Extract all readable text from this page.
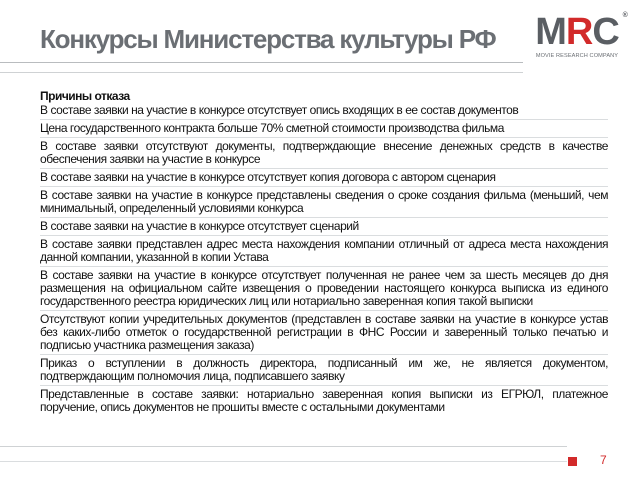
Конкурсы Министерства культуры РФ MRC ®
MOVIE RESEARCH COMPANY
Причины отказа
В составе заявки на участие в конкурсе отсутствует опись входящих в ее состав документов
Цена государственного контракта больше 70% сметной стоимости производства фильма
В составе заявки отсутствуют документы, подтверждающие внесение денежных средств в качестве обеспечения заявки на участие в конкурсе
В составе заявки на участие в конкурсе отсутствует копия договора с автором сценария
В составе заявки на участие в конкурсе представлены сведения о сроке создания фильма (меньший, чем минимальный, определенный условиями конкурса
В составе заявки на участие в конкурсе отсутствует сценарий
В составе заявки представлен адрес места нахождения компании отличный от адреса места нахождения данной компании, указанной в копии Устава
В составе заявки на участие в конкурсе отсутствует полученная не ранее чем за шесть месяцев до дня размещения на официальном сайте извещения о проведении настоящего конкурса выписка из единого государственного реестра юридических лиц или нотариально заверенная копия такой выписки
Отсутствуют копии учредительных документов (представлен в составе заявки на участие в конкурсе устав без каких-либо отметок о государственной регистрации в ФНС России и заверенный только печатью и подписью участника размещения заказа)
Приказ о вступлении в должность директора, подписанный им же, не является документом, подтверждающим полномочия лица, подписавшего заявку
Представленные в составе заявки: нотариально заверенная копия выписки из ЕГРЮЛ, платежное поручение, опись документов не прошиты вместе с остальными документами
7
